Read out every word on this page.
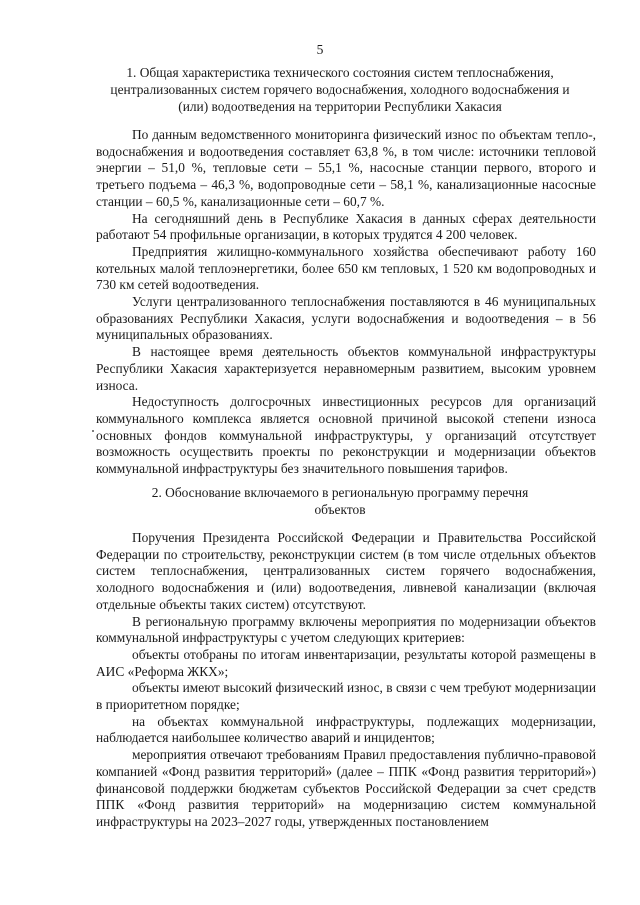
5
1. Общая характеристика технического состояния систем теплоснабжения, централизованных систем горячего водоснабжения, холодного водоснабжения и (или) водоотведения на территории Республики Хакасия

По данным ведомственного мониторинга физический износ по объектам тепло-, водоснабжения и водоотведения составляет 63,8 %, в том числе: источники тепловой энергии – 51,0 %, тепловые сети – 55,1 %, насосные станции первого, второго и третьего подъема – 46,3 %, водопроводные сети – 58,1 %, канализационные насосные станции – 60,5 %, канализационные сети – 60,7 %.

На сегодняшний день в Республике Хакасия в данных сферах деятельности работают 54 профильные организации, в которых трудятся 4 200 человек.

Предприятия жилищно-коммунального хозяйства обеспечивают работу 160 котельных малой теплоэнергетики, более 650 км тепловых, 1 520 км водопроводных и 730 км сетей водоотведения.

Услуги централизованного теплоснабжения поставляются в 46 муниципальных образованиях Республики Хакасия, услуги водоснабжения и водоотведения – в 56 муниципальных образованиях.

В настоящее время деятельность объектов коммунальной инфраструктуры Республики Хакасия характеризуется неравномерным развитием, высоким уровнем износа.

Недоступность долгосрочных инвестиционных ресурсов для организаций коммунального комплекса является основной причиной высокой степени износа основных фондов коммунальной инфраструктуры, у организаций отсутствует возможность осуществить проекты по реконструкции и модернизации объектов коммунальной инфраструктуры без значительного повышения тарифов.

2. Обоснование включаемого в региональную программу перечня объектов

Поручения Президента Российской Федерации и Правительства Российской Федерации по строительству, реконструкции систем (в том числе отдельных объектов систем теплоснабжения, централизованных систем горячего водоснабжения, холодного водоснабжения и (или) водоотведения, ливневой канализации (включая отдельные объекты таких систем) отсутствуют.

В региональную программу включены мероприятия по модернизации объектов коммунальной инфраструктуры с учетом следующих критериев:

объекты отобраны по итогам инвентаризации, результаты которой размещены в АИС «Реформа ЖКХ»;

объекты имеют высокий физический износ, в связи с чем требуют модернизации в приоритетном порядке;

на объектах коммунальной инфраструктуры, подлежащих модернизации, наблюдается наибольшее количество аварий и инцидентов;

мероприятия отвечают требованиям Правил предоставления публично-правовой компанией «Фонд развития территорий» (далее – ППК «Фонд развития территорий») финансовой поддержки бюджетам субъектов Российской Федерации за счет средств ППК «Фонд развития территорий» на модернизацию систем коммунальной инфраструктуры на 2023–2027 годы, утвержденных постановлением
